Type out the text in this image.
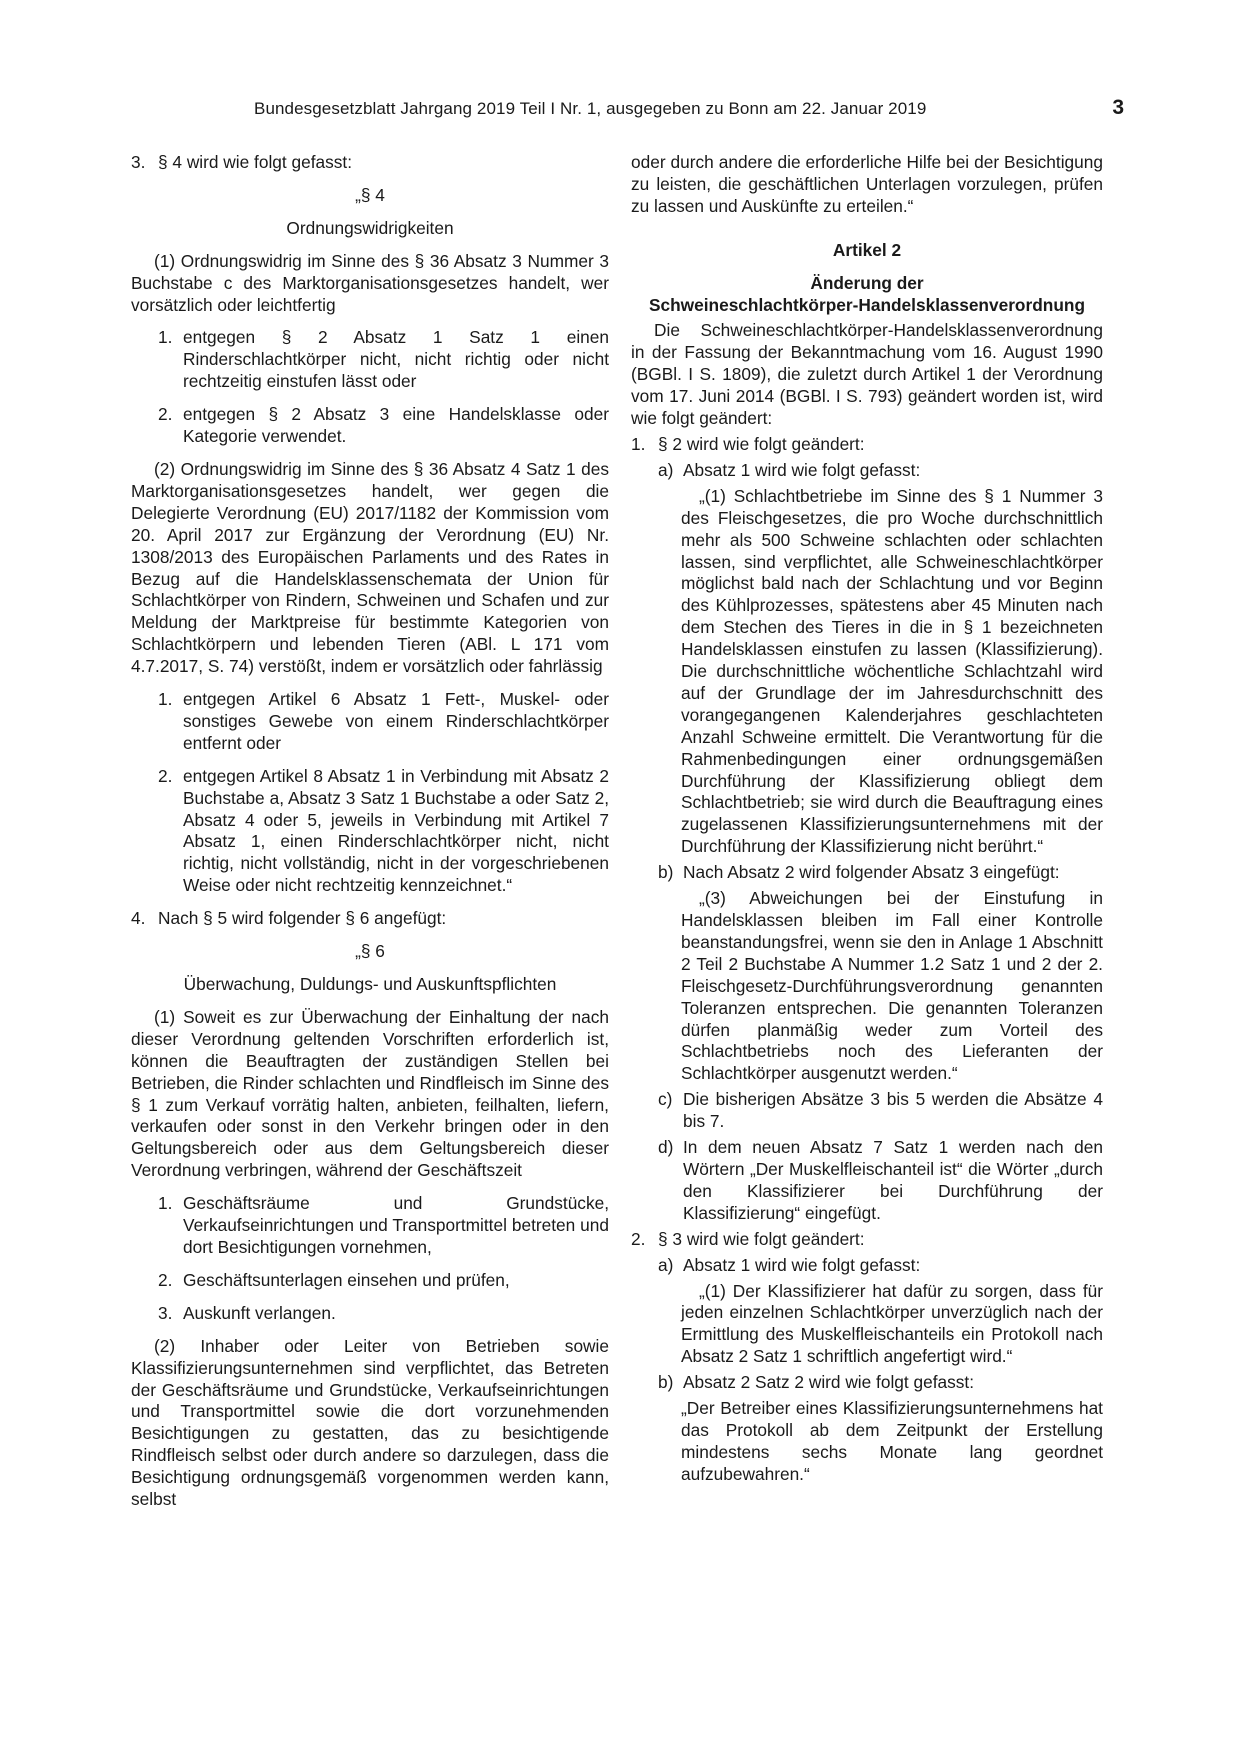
Bundesgesetzblatt Jahrgang 2019 Teil I Nr. 1, ausgegeben zu Bonn am 22. Januar 2019	3
3. § 4 wird wie folgt gefasst:

„§ 4

Ordnungswidrigkeiten

(1) Ordnungswidrig im Sinne des § 36 Absatz 3 Nummer 3 Buchstabe c des Marktorganisationsgesetzes handelt, wer vorsätzlich oder leichtfertig

1. entgegen § 2 Absatz 1 Satz 1 einen Rinderschlachtkörper nicht, nicht richtig oder nicht rechtzeitig einstufen lässt oder
2. entgegen § 2 Absatz 3 eine Handelsklasse oder Kategorie verwendet.

(2) Ordnungswidrig im Sinne des § 36 Absatz 4 Satz 1 des Marktorganisationsgesetzes handelt, wer gegen die Delegierte Verordnung (EU) 2017/1182 der Kommission vom 20. April 2017 zur Ergänzung der Verordnung (EU) Nr. 1308/2013 des Europäischen Parlaments und des Rates in Bezug auf die Handelsklassenschemata der Union für Schlachtkörper von Rindern, Schweinen und Schafen und zur Meldung der Marktpreise für bestimmte Kategorien von Schlachtkörpern und lebenden Tieren (ABl. L 171 vom 4.7.2017, S. 74) verstößt, indem er vorsätzlich oder fahrlässig

1. entgegen Artikel 6 Absatz 1 Fett-, Muskel- oder sonstiges Gewebe von einem Rinderschlachtkörper entfernt oder
2. entgegen Artikel 8 Absatz 1 in Verbindung mit Absatz 2 Buchstabe a, Absatz 3 Satz 1 Buchstabe a oder Satz 2, Absatz 4 oder 5, jeweils in Verbindung mit Artikel 7 Absatz 1, einen Rinderschlachtkörper nicht, nicht richtig, nicht vollständig, nicht in der vorgeschriebenen Weise oder nicht rechtzeitig kennzeichnet.“
4. Nach § 5 wird folgender § 6 angefügt:

„§ 6

Überwachung, Duldungs- und Auskunftspflichten

(1) Soweit es zur Überwachung der Einhaltung der nach dieser Verordnung geltenden Vorschriften erforderlich ist, können die Beauftragten der zuständigen Stellen bei Betrieben, die Rinder schlachten und Rindfleisch im Sinne des § 1 zum Verkauf vorrätig halten, anbieten, feilhalten, liefern, verkaufen oder sonst in den Verkehr bringen oder in den Geltungsbereich oder aus dem Geltungsbereich dieser Verordnung verbringen, während der Geschäftszeit

1. Geschäftsräume und Grundstücke, Verkaufseinrichtungen und Transportmittel betreten und dort Besichtigungen vornehmen,
2. Geschäftsunterlagen einsehen und prüfen,
3. Auskunft verlangen.

(2) Inhaber oder Leiter von Betrieben sowie Klassifizierungsunternehmen sind verpflichtet, das Betreten der Geschäftsräume und Grundstücke, Verkaufseinrichtungen und Transportmittel sowie die dort vorzunehmenden Besichtigungen zu gestatten, das zu besichtigende Rindfleisch selbst oder durch andere so darzulegen, dass die Besichtigung ordnungsgemäß vorgenommen werden kann, selbst

oder durch andere die erforderliche Hilfe bei der Besichtigung zu leisten, die geschäftlichen Unterlagen vorzulegen, prüfen zu lassen und Auskünfte zu erteilen.“

Artikel 2

Änderung der

Schweineschlachtkörper-Handelsklassenverordnung

Die Schweineschlachtkörper-Handelsklassenverordnung in der Fassung der Bekanntmachung vom 16. August 1990 (BGBl. I S. 1809), die zuletzt durch Artikel 1 der Verordnung vom 17. Juni 2014 (BGBl. I S. 793) geändert worden ist, wird wie folgt geändert:

1. § 2 wird wie folgt geändert:
a) Absatz 1 wird wie folgt gefasst:

„(1) Schlachtbetriebe im Sinne des § 1 Nummer 3 des Fleischgesetzes, die pro Woche durchschnittlich mehr als 500 Schweine schlachten oder schlachten lassen, sind verpflichtet, alle Schweineschlachtkörper möglichst bald nach der Schlachtung und vor Beginn des Kühlprozesses, spätestens aber 45 Minuten nach dem Stechen des Tieres in die in § 1 bezeichneten Handelsklassen einstufen zu lassen (Klassifizierung). Die durchschnittliche wöchentliche Schlachtzahl wird auf der Grundlage der im Jahresdurchschnitt des vorangegangenen Kalenderjahres geschlachteten Anzahl Schweine ermittelt. Die Verantwortung für die Rahmenbedingungen einer ordnungsgemäßen Durchführung der Klassifizierung obliegt dem Schlachtbetrieb; sie wird durch die Beauftragung eines zugelassenen Klassifizierungsunternehmens mit der Durchführung der Klassifizierung nicht berührt.“

b) Nach Absatz 2 wird folgender Absatz 3 eingefügt:

„(3) Abweichungen bei der Einstufung in Handelsklassen bleiben im Fall einer Kontrolle beanstandungsfrei, wenn sie den in Anlage 1 Abschnitt 2 Teil 2 Buchstabe A Nummer 1.2 Satz 1 und 2 der 2. Fleischgesetz-Durchführungsverordnung genannten Toleranzen entsprechen. Die genannten Toleranzen dürfen planmäßig weder zum Vorteil des Schlachtbetriebs noch des Lieferanten der Schlachtkörper ausgenutzt werden.“

c) Die bisherigen Absätze 3 bis 5 werden die Absätze 4 bis 7.
d) In dem neuen Absatz 7 Satz 1 werden nach den Wörtern „Der Muskelfleischanteil ist“ die Wörter „durch den Klassifizierer bei Durchführung der Klassifizierung“ eingefügt.
2. § 3 wird wie folgt geändert:
a) Absatz 1 wird wie folgt gefasst:

„(1) Der Klassifizierer hat dafür zu sorgen, dass für jeden einzelnen Schlachtkörper unverzüglich nach der Ermittlung des Muskelfleischanteils ein Protokoll nach Absatz 2 Satz 1 schriftlich angefertigt wird.“

b) Absatz 2 Satz 2 wird wie folgt gefasst:

„Der Betreiber eines Klassifizierungsunternehmens hat das Protokoll ab dem Zeitpunkt der Erstellung mindestens sechs Monate lang geordnet aufzubewahren.“
